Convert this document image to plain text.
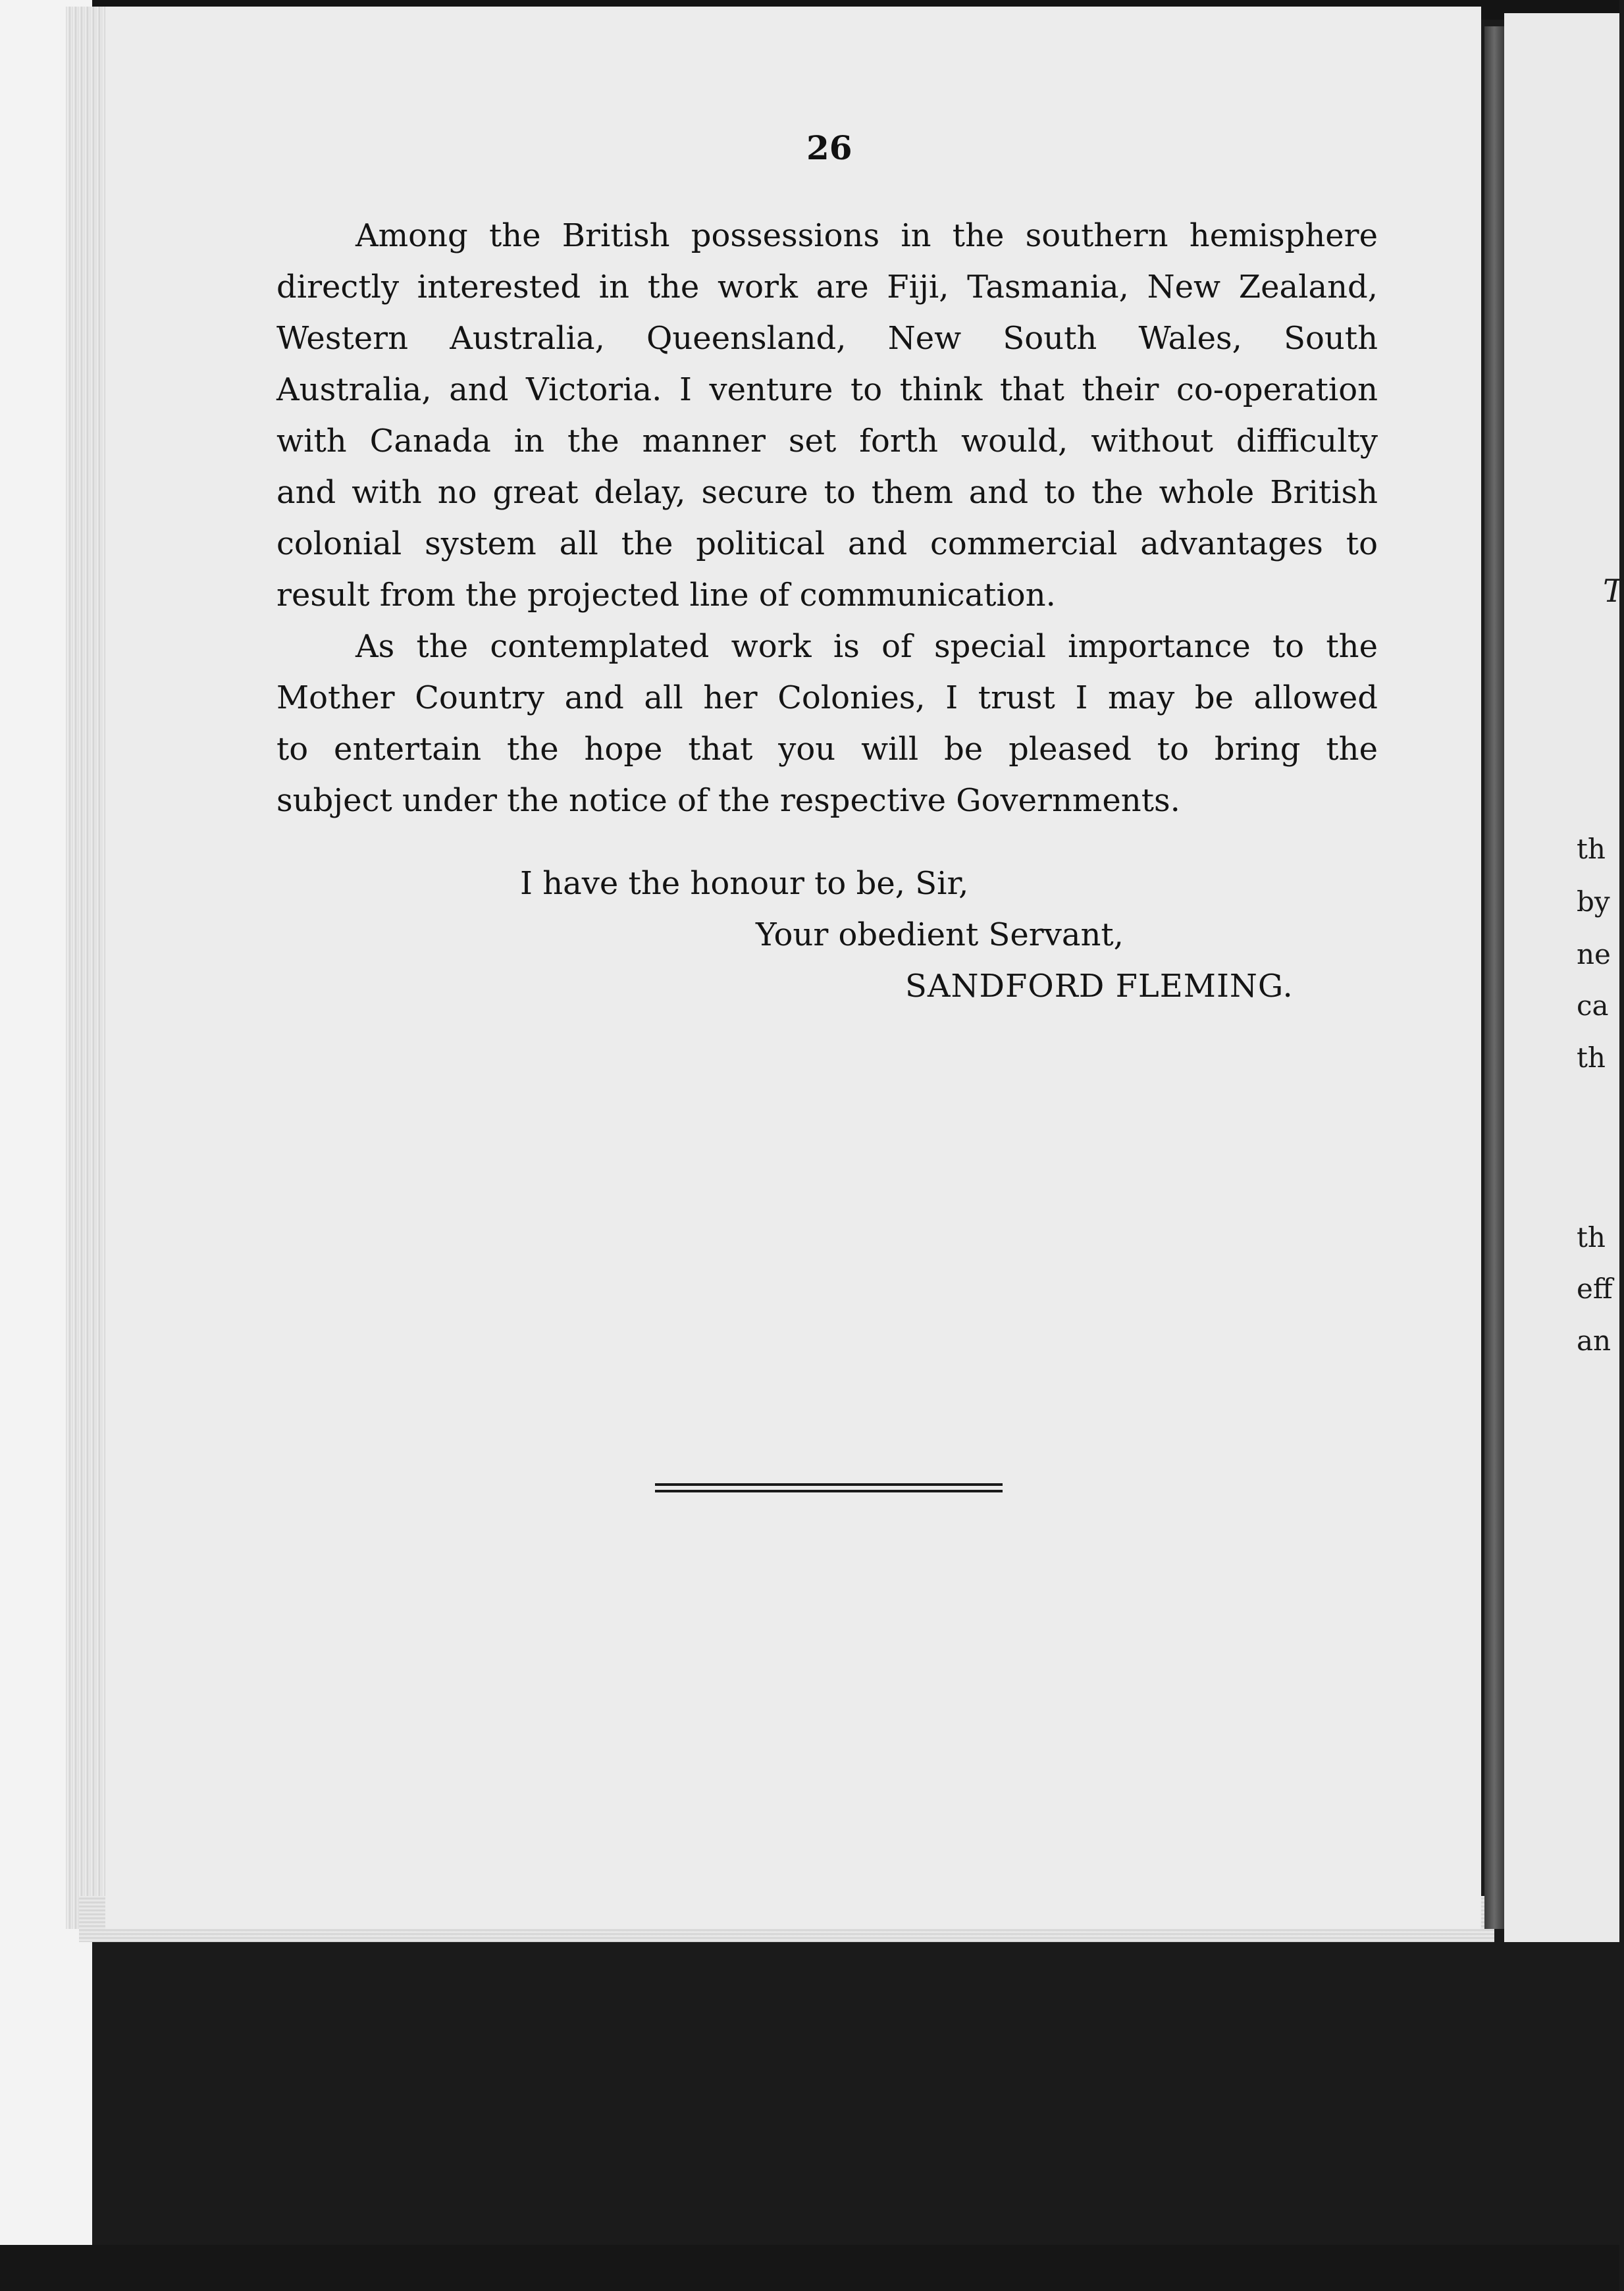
26
Among the British possessions in the southern hemisphere
directly interested in the work are Fiji, Tasmania, New Zealand,
Western Australia, Queensland, New South Wales, South
Australia, and Victoria. I venture to think that their co-operation
with Canada in the manner set forth would, without difficulty
and with no great delay, secure to them and to the whole British
colonial system all the political and commercial advantages to
result from the projected line of communication.
As the contemplated work is of special importance to the
Mother Country and all her Colonies, I trust I may be allowed
to entertain the hope that you will be pleased to bring the
subject under the notice of the respective Governments.
I have the honour to be, Sir,
Your obedient Servant,
SANDFORD FLEMING.
T
th
by
ne
ca
th
th
eff
an
